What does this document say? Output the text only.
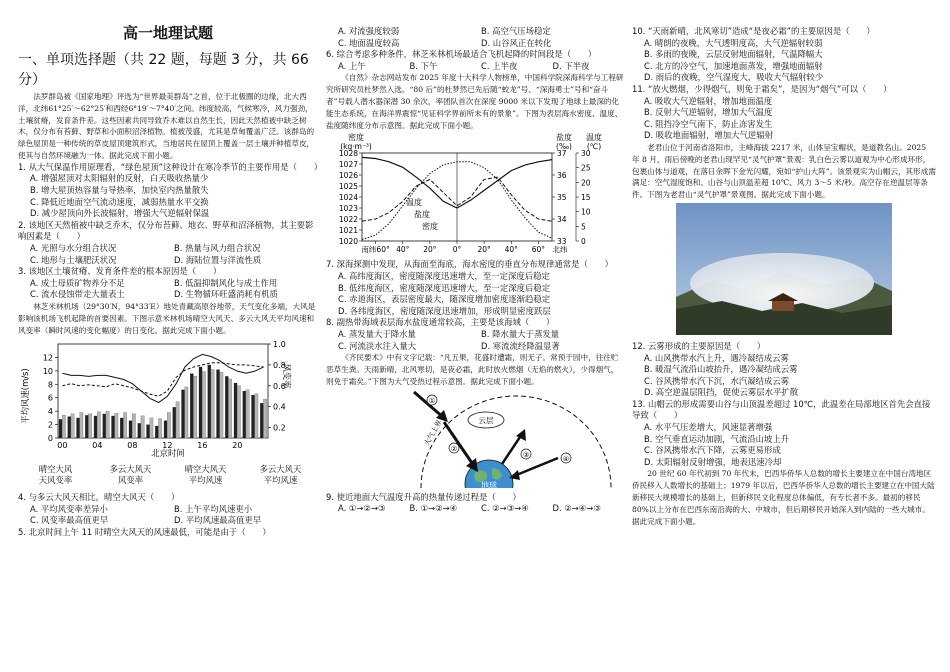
高一地理试题
一、单项选择题（共 22 题，每题 3 分，共 66 分）

法罗群岛被《国家地理》评选为“世界最美群岛”之首，位于北极圈的边缘，北大西洋，北纬61°25′～62°25′和西经6°19′～7°40′之间。纬度较高，气候寒冷，风力强劲，土壤贫瘠，发育条件差。这些因素共同导致乔木难以自然生长，因此天然植被中缺乏树木，仅分布有苔藓、野草和小面积沼泽植物。植被茂盛，尤其是草甸覆盖广泛。该群岛的绿色屋顶是一种传统的草皮屋顶建筑形式，当地居民在屋顶上覆盖一层土壤并种植草皮，使其与自然环境融为一体。据此完成下面小题。

1. 从大气保温作用原理看，“绿色屋顶”这种设计在寒冷季节的主要作用是（　　）

A. 增强屋顶对太阳辐射的反射，白天吸收热量少

B. 增大屋顶热容量与导热率，加快室内热量散失

C. 降低近地面空气流动速度，减弱热量水平交换

D. 减少屋顶向外长波辐射，增强大气逆辐射保温

2. 该地区天然植被中缺乏乔木，仅分布苔藓、地衣、野草和沼泽植物，其主要影响因素是（　　）

A. 光照与水分组合状况	B. 热量与风力组合状况
C. 地形与土壤肥沃状况	D. 海陆位置与洋流性质

3. 该地区土壤贫瘠、发育条件差的根本原因是（　　）

A. 成土母质矿物养分不足	B. 低温抑制风化与成土作用
C. 流水侵蚀带走大量表土	D. 生物循环旺盛消耗有机质

林芝米林机场（29°30′N，94°33′E）地处青藏高原谷地带，天气变化多端，大风是影响该机场飞机起降的首要因素。下图示意米林机场晴空大风天、多云大风天平均风速和风变率（瞬时风速的变化幅度）的日变化。据此完成下面小题。

平均风速(m/s)	风变率
0
2
4
6
8
10
12
0.2
0.4
0.6
0.8
1.0
00	04	08	12	16	20
北京时间
晴空大风
天风变率
多云大风天
风变率
晴空大风天
平均风速
多云大风天
平均风速

4. 与多云大风天相比，晴空大风天（　　）

A. 平均风变率差异小	B. 上午平均风速更小
C. 风变率最高值更早	D. 平均风速最高值更早

5. 北京时间上午 11 时晴空大风天的风速最低，可能是由于（　　）

A. 对流强度较弱	B. 高空气压场稳定
C. 地面温度较高	D. 山谷风正在转化

6. 综合考虑多种条件，林芝米林机场最适合飞机起降的时间段是（　　）

A. 上午	B. 下午	C. 上半夜	D. 下半夜

《自然》杂志网站发布 2025 年度十大科学人物榜单，中国科学院深海科学与工程研究所研究员杜梦然入选。“80 后”的杜梦然已先后随“蛟龙”号、“深海勇士”号和“奋斗者”号载人潜水器深潜 30 余次，率团队首次在深度 9000 米以下发现了地球上最深的化能生态系统，在海洋界震惊“见证科学界前所未有的景象”。下图为表层海水密度、温度、盐度随纬度分布示意图。据此完成下面小题。

密度
(kg·m⁻³)
盐度
(‰)
温度
(℃)
1020
1021
1022
1023
1024
1025
1026
1027
1028
33
34
35
36
37
0
5
10
15
20
25
30
南纬60° 40° 20° 0° 20° 40° 60° 北纬
温度
盐度
密度

7. 深海探测中发现，从海面至海底，海水密度的垂直分布规律通常是（　　）

A. 高纬度海区，密度随深度迅速增大，至一定深度后稳定

B. 低纬度海区，密度随深度迅速增大，至一定深度后稳定

C. 赤道海区，表层密度最大，随深度增加密度逐渐趋稳定

D. 各纬度海区，密度随深度迅速增加，形成明显密度跃层

8. 副热带海域表层海水盐度通常较高，主要是该海域（　　）

A. 蒸发量大于降水量	B. 降水量大于蒸发量
C. 河流淡水注入量大	D. 寒流流经降温显著

《齐民要术》中有文字记载：“凡五果，花盛时遭霜，则无子。常预于园中，往往贮恶草生粪。天雨新晴，北风寒切，是夜必霜，此时放火燃烟（无焰的燃火），少得烟气，则免于霜矣。”下图为大气受热过程示意图。据此完成下面小题。

大气上界
地球
云层
①
②
③	④

9. 使近地面大气温度升高的热量传递过程是（　　）

A. ①→②→③	B. ①→②→④	C. ②→③→④	D. ②→④→③

10. “天雨新晴，北风寒切”造成“是夜必霜”的主要原因是（　　）

A. 晴朗的夜晚，大气透明度高，大气逆辐射较弱

B. 多雨的夜晚，云层反射地面辐射，气温降幅大

C. 北方的冷空气，加速地面蒸发，增强地面辐射

D. 雨后的夜晚，空气湿度大，吸收大气辐射较少

11. “放火燃烟，少得烟气，则免于霜矣”，是因为“烟气”可以（　　）

A. 吸收大气逆辐射，增加地面温度

B. 反射大气逆辐射，增加大气温度

C. 阻挡冷空气南下，防止冻害发生

D. 吸收地面辐射，增加大气逆辐射

老君山位于河南省洛阳市，主峰海拔 2217 米，山体呈宝帽状，是道教名山。2025 年 8 月，雨后傍晚的老君山现罕见“灵气护罩”景观：乳白色云雾以道观为中心形成环形，包裹山体与道观，在落日余晖下金光闪耀，宛如“护山大阵”。该景观实为山帽云，其形成需满足：空气湿度饱和、山谷与山顶温差超 10℃、风力 3～5 米/秒。高空存在逆温层等条件。下图为老君山“灵气护罩”景观图。据此完成下面小题。

12. 云雾形成的主要原因是（　　）

A. 山风携带水汽上升，遇冷凝结成云雾

B. 暖湿气流沿山坡抬升，遇冷凝结成云雾

C. 谷风携带水汽下沉，水汽凝结成云雾

D. 高空逆温层阻挡，促使云雾层水平扩散

13. 山帽云的形成需要山谷与山顶温差超过 10℃，此温差在局部地区首先会直接导致（　　）

A. 水平气压差增大，风速显著增强

B. 空气垂直运动加剧，气流沿山坡上升

C. 谷风携带水汽下降，云雾更易形成

D. 太阳辐射反射增强，地表迅速冷却

20 世纪 60 年代初到 70 年代末，巴西华侨华人总数的增长主要建立在中国台湾地区侨民移入人数增长的基础上；1979 年以后，巴西华侨华人总数的增长主要建立在中国大陆新移民大规模增长的基础上，但新移民文化程度总体偏低，有专长者不多。最初的移民 80%以上分布在巴西东南沿海的大、中城市，但后期移民开始深入到内陆的一些大城市。据此完成下面小题。
